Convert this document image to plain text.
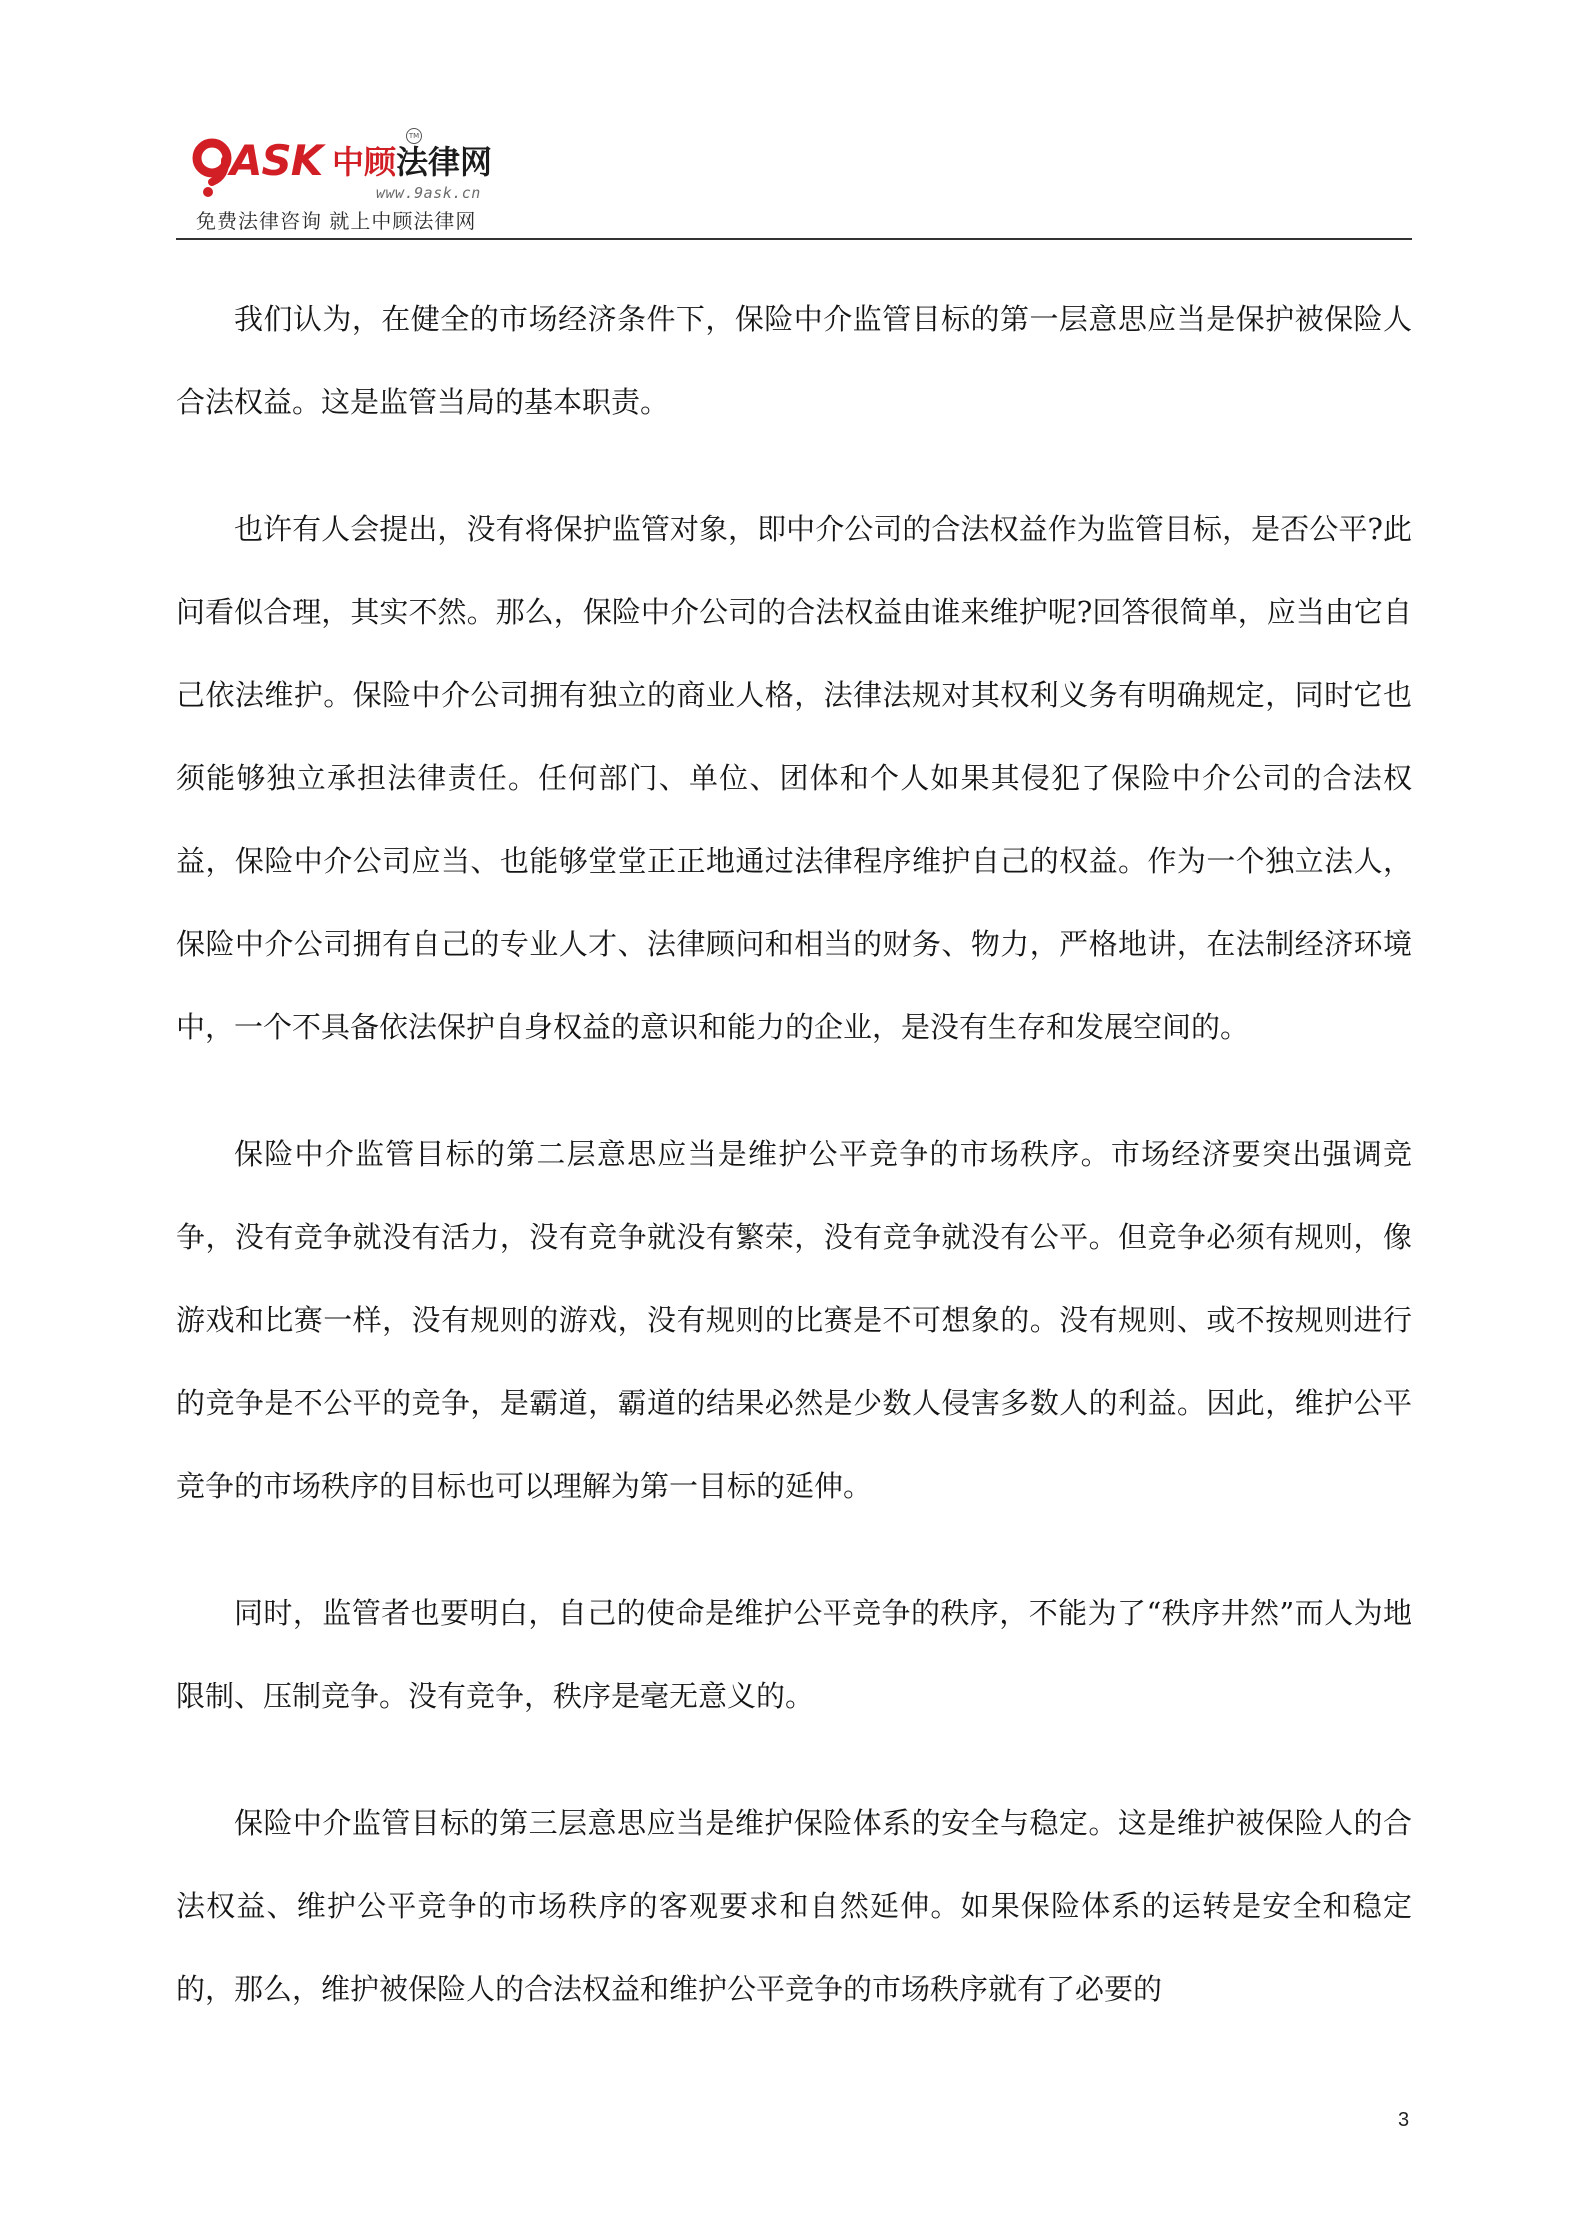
ASK 中顾法律网
TM
www.9ask.cn
免费法律咨询 就上中顾法律网

我们认为，在健全的市场经济条件下，保险中介监管目标的第一层意思应当是保护被保险人合法权益。这是监管当局的基本职责。

也许有人会提出，没有将保护监管对象，即中介公司的合法权益作为监管目标，是否公平?此问看似合理，其实不然。那么，保险中介公司的合法权益由谁来维护呢?回答很简单，应当由它自己依法维护。保险中介公司拥有独立的商业人格，法律法规对其权利义务有明确规定，同时它也须能够独立承担法律责任。任何部门、单位、团体和个人如果其侵犯了保险中介公司的合法权益，保险中介公司应当、也能够堂堂正正地通过法律程序维护自己的权益。作为一个独立法人，保险中介公司拥有自己的专业人才、法律顾问和相当的财务、物力，严格地讲，在法制经济环境中，一个不具备依法保护自身权益的意识和能力的企业，是没有生存和发展空间的。

保险中介监管目标的第二层意思应当是维护公平竞争的市场秩序。市场经济要突出强调竞争，没有竞争就没有活力，没有竞争就没有繁荣，没有竞争就没有公平。但竞争必须有规则，像游戏和比赛一样，没有规则的游戏，没有规则的比赛是不可想象的。没有规则、或不按规则进行的竞争是不公平的竞争，是霸道，霸道的结果必然是少数人侵害多数人的利益。因此，维护公平竞争的市场秩序的目标也可以理解为第一目标的延伸。

同时，监管者也要明白，自己的使命是维护公平竞争的秩序，不能为了“秩序井然”而人为地限制、压制竞争。没有竞争，秩序是毫无意义的。

保险中介监管目标的第三层意思应当是维护保险体系的安全与稳定。这是维护被保险人的合法权益、维护公平竞争的市场秩序的客观要求和自然延伸。如果保险体系的运转是安全和稳定的，那么，维护被保险人的合法权益和维护公平竞争的市场秩序就有了必要的

3
